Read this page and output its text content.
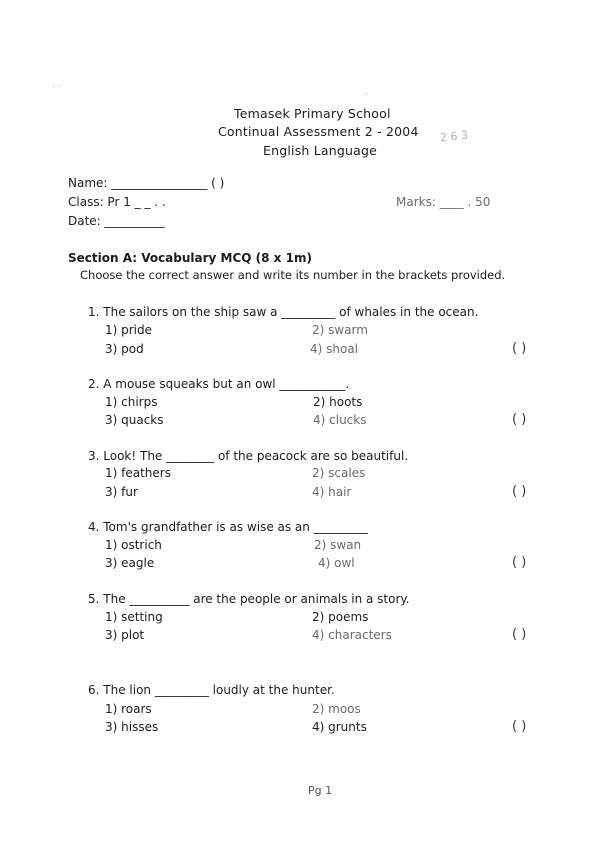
. .
.
Temasek Primary School
Continual Assessment 2 - 2004
English Language
2 6 3
Name: ________________ ( )
Class: Pr 1 _ _ . .	Marks: ____ . 50
Date: __________
Section A: Vocabulary MCQ (8 x 1m)
Choose the correct answer and write its number in the brackets provided.
1. The sailors on the ship saw a _________ of whales in the ocean.
1) pride	2) swarm
3) pod	4) shoal	( )
2. A mouse squeaks but an owl ___________.
1) chirps	2) hoots
3) quacks	4) clucks	( )
3. Look! The ________ of the peacock are so beautiful.
1) feathers	2) scales
3) fur	4) hair	( )
4. Tom's grandfather is as wise as an _________
1) ostrich	2) swan
3) eagle	4) owl	( )
5. The __________ are the people or animals in a story.
1) setting	2) poems
3) plot	4) characters	( )
6. The lion _________ loudly at the hunter.
1) roars	2) moos
3) hisses	4) grunts	( )
Pg 1
